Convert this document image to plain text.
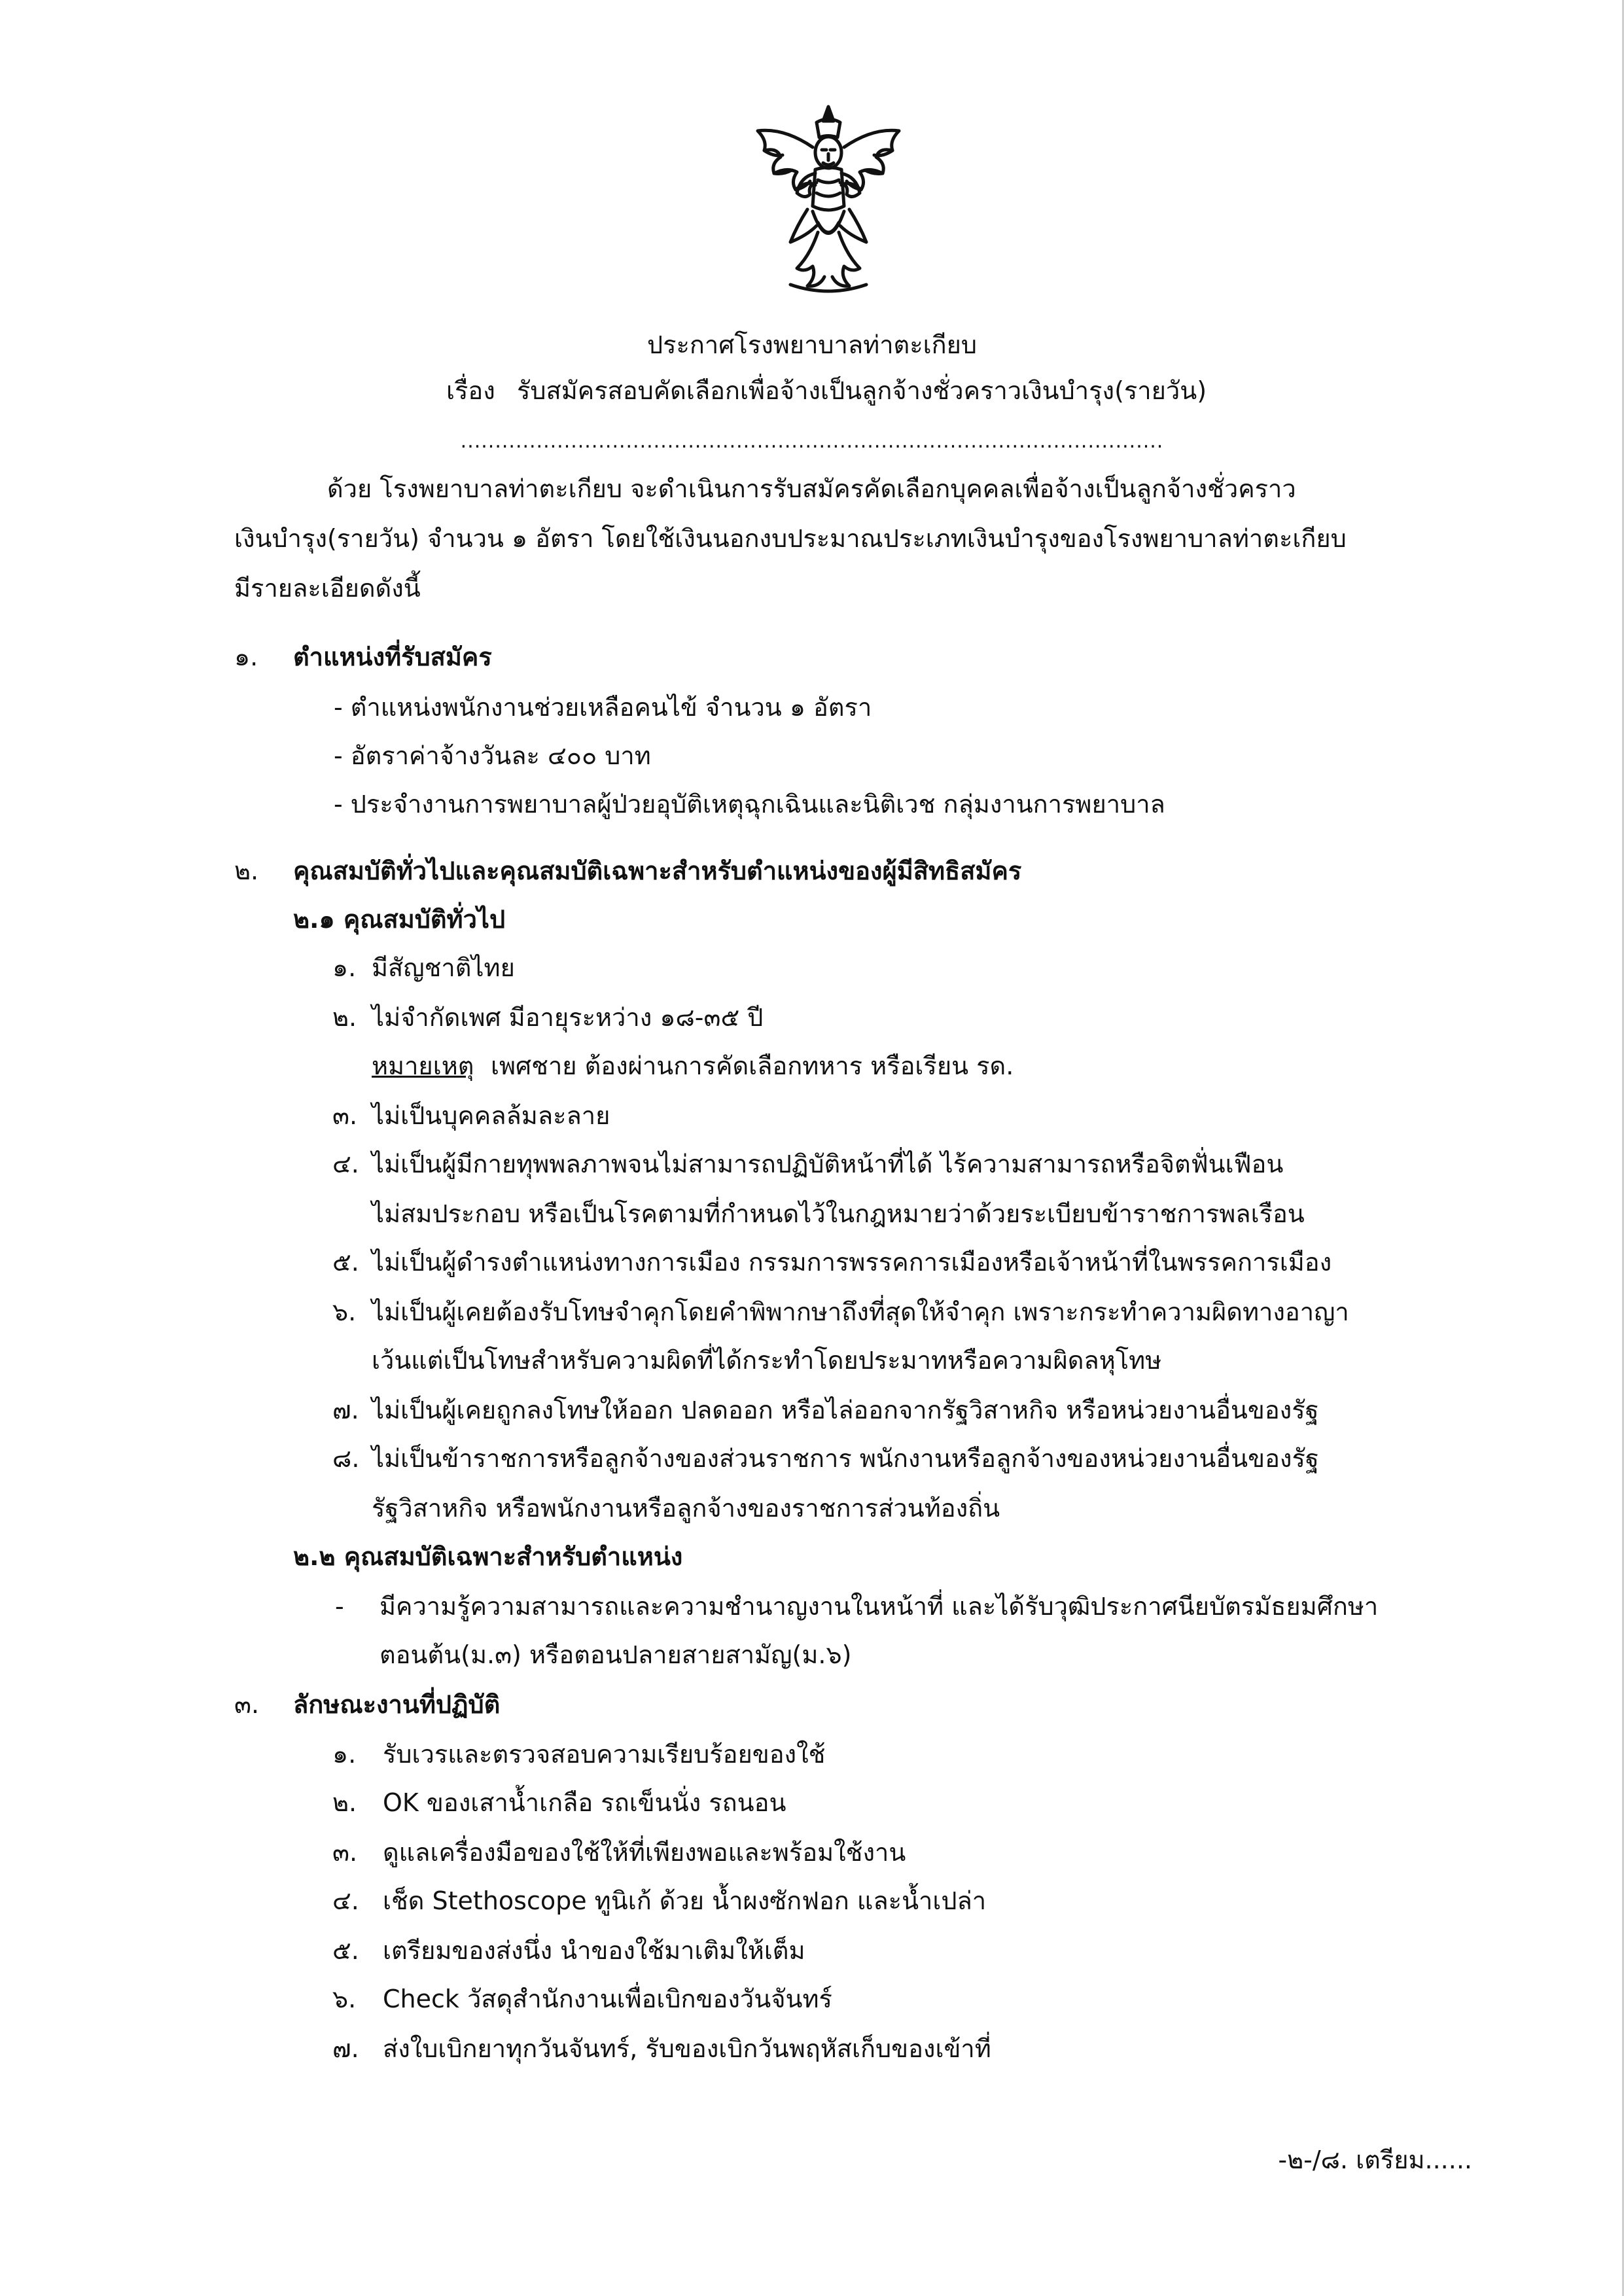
ประกาศโรงพยาบาลท่าตะเกียบ
เรื่อง รับสมัครสอบคัดเลือกเพื่อจ้างเป็นลูกจ้างชั่วคราวเงินบำรุง(รายวัน)
......................................................................................................
ด้วย โรงพยาบาลท่าตะเกียบ จะดำเนินการรับสมัครคัดเลือกบุคคลเพื่อจ้างเป็นลูกจ้างชั่วคราว
เงินบำรุง(รายวัน) จำนวน ๑ อัตรา โดยใช้เงินนอกงบประมาณประเภทเงินบำรุงของโรงพยาบาลท่าตะเกียบ
มีรายละเอียดดังนี้
๑. ตำแหน่งที่รับสมัคร
- ตำแหน่งพนักงานช่วยเหลือคนไข้ จำนวน ๑ อัตรา
- อัตราค่าจ้างวันละ ๔๐๐ บาท
- ประจำงานการพยาบาลผู้ป่วยอุบัติเหตุฉุกเฉินและนิติเวช กลุ่มงานการพยาบาล
๒. คุณสมบัติทั่วไปและคุณสมบัติเฉพาะสำหรับตำแหน่งของผู้มีสิทธิสมัคร
๒.๑ คุณสมบัติทั่วไป
๑. มีสัญชาติไทย
๒. ไม่จำกัดเพศ มีอายุระหว่าง ๑๘-๓๕ ปี
หมายเหตุ เพศชาย ต้องผ่านการคัดเลือกทหาร หรือเรียน รด.
๓. ไม่เป็นบุคคลล้มละลาย
๔. ไม่เป็นผู้มีกายทุพพลภาพจนไม่สามารถปฏิบัติหน้าที่ได้ ไร้ความสามารถหรือจิตฟั่นเฟือน
ไม่สมประกอบ หรือเป็นโรคตามที่กำหนดไว้ในกฎหมายว่าด้วยระเบียบข้าราชการพลเรือน
๕. ไม่เป็นผู้ดำรงตำแหน่งทางการเมือง กรรมการพรรคการเมืองหรือเจ้าหน้าที่ในพรรคการเมือง
๖. ไม่เป็นผู้เคยต้องรับโทษจำคุกโดยคำพิพากษาถึงที่สุดให้จำคุก เพราะกระทำความผิดทางอาญา
เว้นแต่เป็นโทษสำหรับความผิดที่ได้กระทำโดยประมาทหรือความผิดลหุโทษ
๗. ไม่เป็นผู้เคยถูกลงโทษให้ออก ปลดออก หรือไล่ออกจากรัฐวิสาหกิจ หรือหน่วยงานอื่นของรัฐ
๘. ไม่เป็นข้าราชการหรือลูกจ้างของส่วนราชการ พนักงานหรือลูกจ้างของหน่วยงานอื่นของรัฐ
รัฐวิสาหกิจ หรือพนักงานหรือลูกจ้างของราชการส่วนท้องถิ่น
๒.๒ คุณสมบัติเฉพาะสำหรับตำแหน่ง
- มีความรู้ความสามารถและความชำนาญงานในหน้าที่ และได้รับวุฒิประกาศนียบัตรมัธยมศึกษา
ตอนต้น(ม.๓) หรือตอนปลายสายสามัญ(ม.๖)
๓. ลักษณะงานที่ปฏิบัติ
๑. รับเวรและตรวจสอบความเรียบร้อยของใช้
๒. OK ของเสาน้ำเกลือ รถเข็นนั่ง รถนอน
๓. ดูแลเครื่องมือของใช้ให้ที่เพียงพอและพร้อมใช้งาน
๔. เช็ด Stethoscope ทูนิเก้ ด้วย น้ำผงซักฟอก และน้ำเปล่า
๕. เตรียมของส่งนึ่ง นำของใช้มาเติมให้เต็ม
๖. Check วัสดุสำนักงานเพื่อเบิกของวันจันทร์
๗. ส่งใบเบิกยาทุกวันจันทร์, รับของเบิกวันพฤหัสเก็บของเข้าที่
-๒-/๘. เตรียม......
